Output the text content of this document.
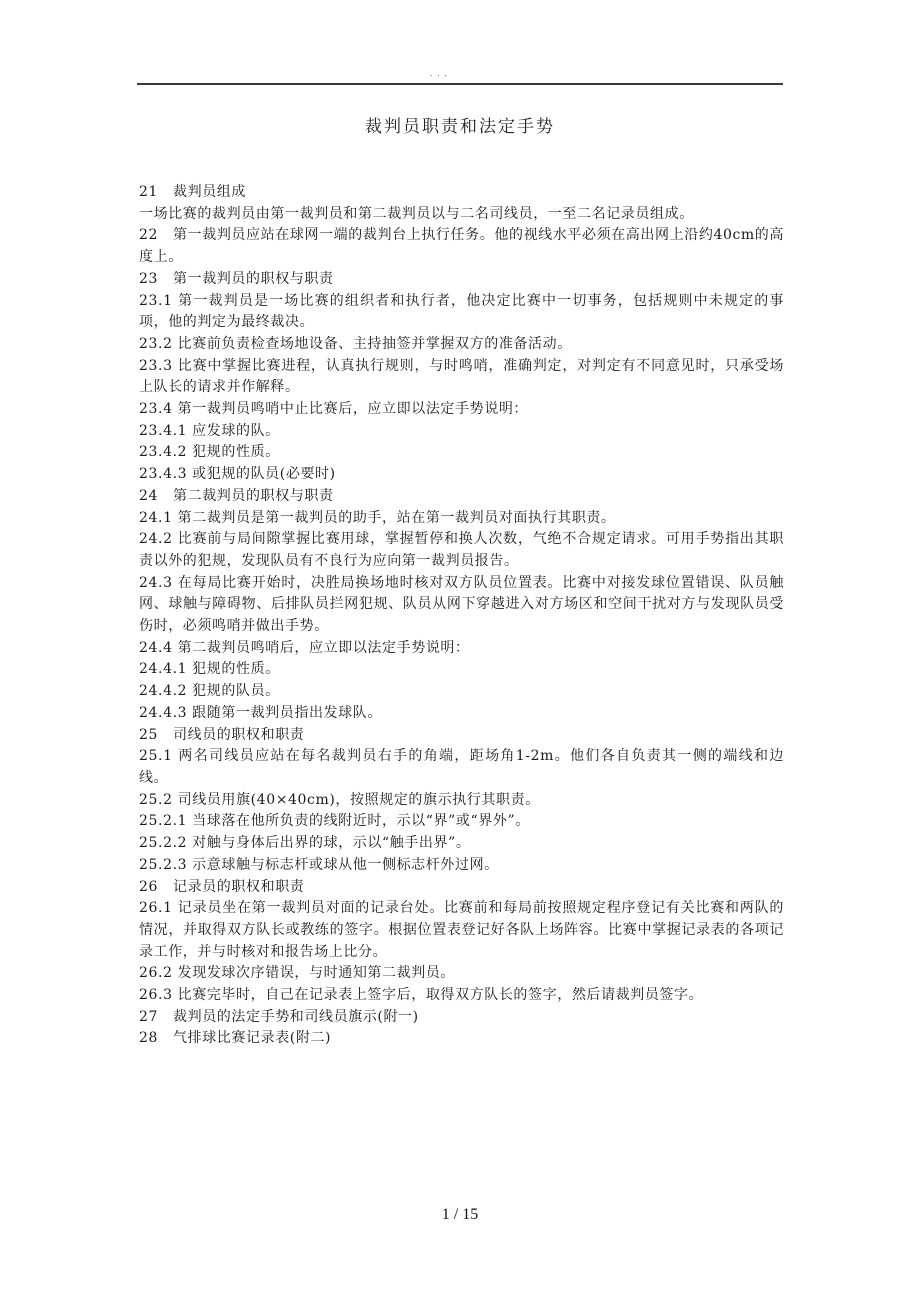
. . .
裁判员职责和法定手势

21 裁判员组成

一场比赛的裁判员由第一裁判员和第二裁判员以与二名司线员，一至二名记录员组成。

22 第一裁判员应站在球网一端的裁判台上执行任务。他的视线水平必须在高出网上沿约40cm的高度上。

23 第一裁判员的职权与职责

23.1 第一裁判员是一场比赛的组织者和执行者，他决定比赛中一切事务，包括规则中未规定的事项，他的判定为最终裁决。

23.2 比赛前负责检查场地设备、主持抽签并掌握双方的准备活动。

23.3 比赛中掌握比赛进程，认真执行规则，与时鸣哨，准确判定，对判定有不同意见时，只承受场上队长的请求并作解释。

23.4 第一裁判员鸣哨中止比赛后，应立即以法定手势说明：

23.4.1 应发球的队。

23.4.2 犯规的性质。

23.4.3 或犯规的队员(必要时)

24 第二裁判员的职权与职责

24.1 第二裁判员是第一裁判员的助手，站在第一裁判员对面执行其职责。

24.2 比赛前与局间隙掌握比赛用球，掌握暂停和换人次数，气绝不合规定请求。可用手势指出其职责以外的犯规，发现队员有不良行为应向第一裁判员报告。

24.3 在每局比赛开始时，决胜局换场地时核对双方队员位置表。比赛中对接发球位置错误、队员触网、球触与障碍物、后排队员拦网犯规、队员从网下穿越进入对方场区和空间干扰对方与发现队员受伤时，必须鸣哨并做出手势。

24.4 第二裁判员鸣哨后，应立即以法定手势说明：

24.4.1 犯规的性质。

24.4.2 犯规的队员。

24.4.3 跟随第一裁判员指出发球队。

25 司线员的职权和职责

25.1 两名司线员应站在每名裁判员右手的角端，距场角1-2m。他们各自负责其一侧的端线和边线。

25.2 司线员用旗(40×40cm)，按照规定的旗示执行其职责。

25.2.1 当球落在他所负责的线附近时，示以“界”或“界外”。

25.2.2 对触与身体后出界的球，示以“触手出界”。

25.2.3 示意球触与标志杆或球从他一侧标志杆外过网。

26 记录员的职权和职责

26.1 记录员坐在第一裁判员对面的记录台处。比赛前和每局前按照规定程序登记有关比赛和两队的情况，并取得双方队长或教练的签字。根据位置表登记好各队上场阵容。比赛中掌握记录表的各项记录工作，并与时核对和报告场上比分。

26.2 发现发球次序错误，与时通知第二裁判员。

26.3 比赛完毕时，自己在记录表上签字后，取得双方队长的签字，然后请裁判员签字。

27 裁判员的法定手势和司线员旗示(附一)

28 气排球比赛记录表(附二)

1 / 15
